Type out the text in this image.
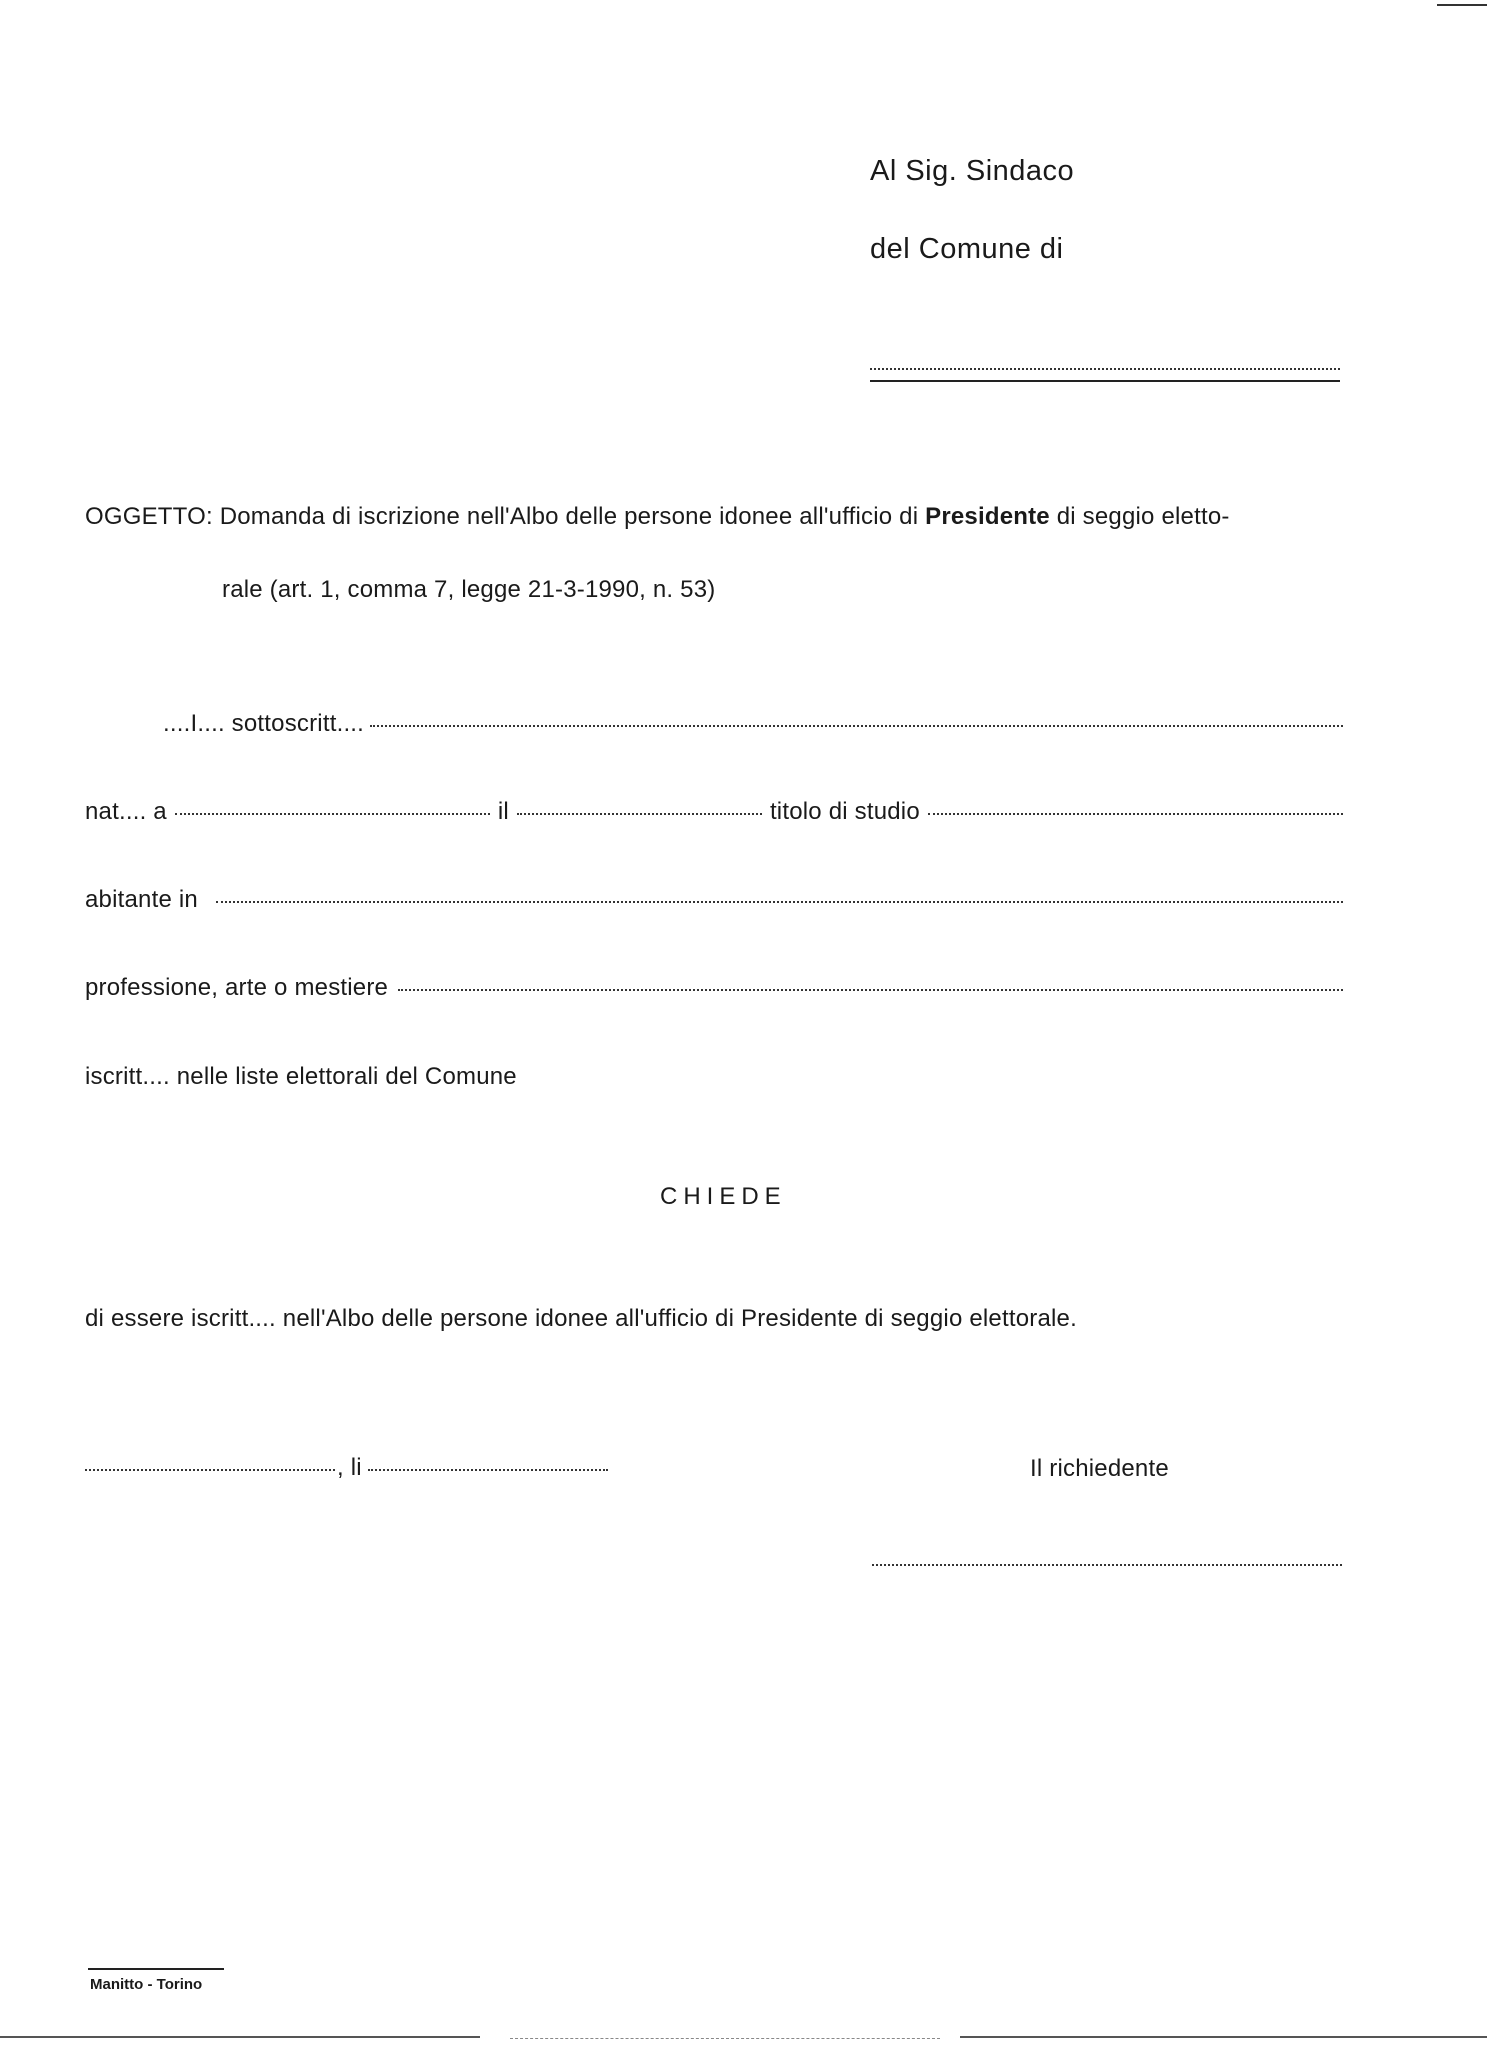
Al Sig. Sindaco
del Comune di
OGGETTO: Domanda di iscrizione nell'Albo delle persone idonee all'ufficio di Presidente di seggio eletto-
rale (art. 1, comma 7, legge 21-3-1990, n. 53)
....I.... sottoscritt....
nat.... a	il	titolo di studio
abitante in
professione, arte o mestiere
iscritt.... nelle liste elettorali del Comune
CHIEDE
di essere iscritt.... nell'Albo delle persone idonee all'ufficio di Presidente di seggio elettorale.
, li	Il richiedente
Manitto - Torino
